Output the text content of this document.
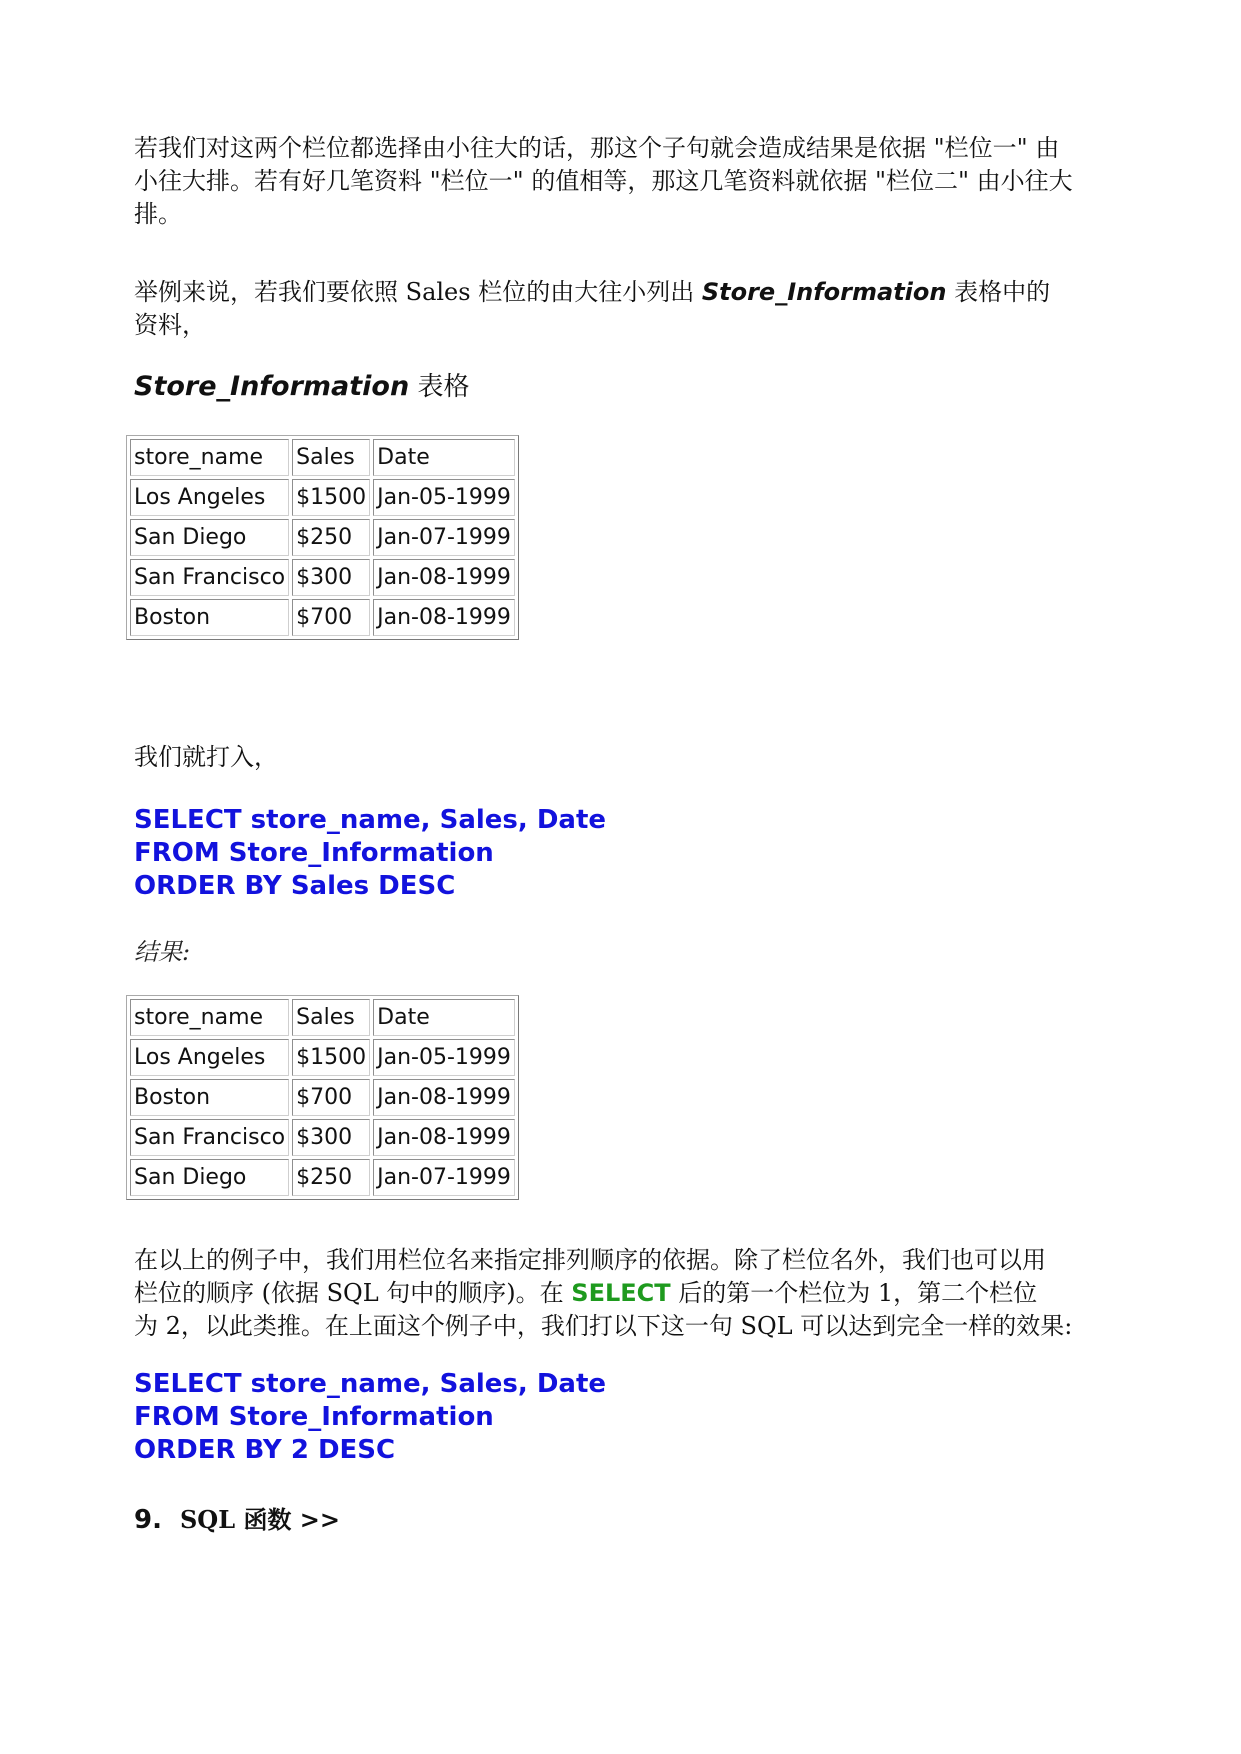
若我们对这两个栏位都选择由小往大的话，那这个子句就会造成结果是依据 "栏位一" 由
小往大排。若有好几笔资料 "栏位一" 的值相等，那这几笔资料就依据 "栏位二" 由小往大
排。
举例来说，若我们要依照 Sales 栏位的由大往小列出 Store_Information 表格中的
资料，
Store_Information 表格
store_name	Sales	Date
Los Angeles	$1500	Jan-05-1999
San Diego	$250	Jan-07-1999
San Francisco	$300	Jan-08-1999
Boston	$700	Jan-08-1999
我们就打入，
SELECT store_name, Sales, Date
FROM Store_Information
ORDER BY Sales DESC
结果:
store_name	Sales	Date
Los Angeles	$1500	Jan-05-1999
Boston	$700	Jan-08-1999
San Francisco	$300	Jan-08-1999
San Diego	$250	Jan-07-1999
在以上的例子中，我们用栏位名来指定排列顺序的依据。除了栏位名外，我们也可以用
栏位的顺序 (依据 SQL 句中的顺序)。在 SELECT 后的第一个栏位为 1，第二个栏位
为 2，以此类推。在上面这个例子中，我们打以下这一句 SQL 可以达到完全一样的效果:
SELECT store_name, Sales, Date
FROM Store_Information
ORDER BY 2 DESC
9. SQL 函数 >>
